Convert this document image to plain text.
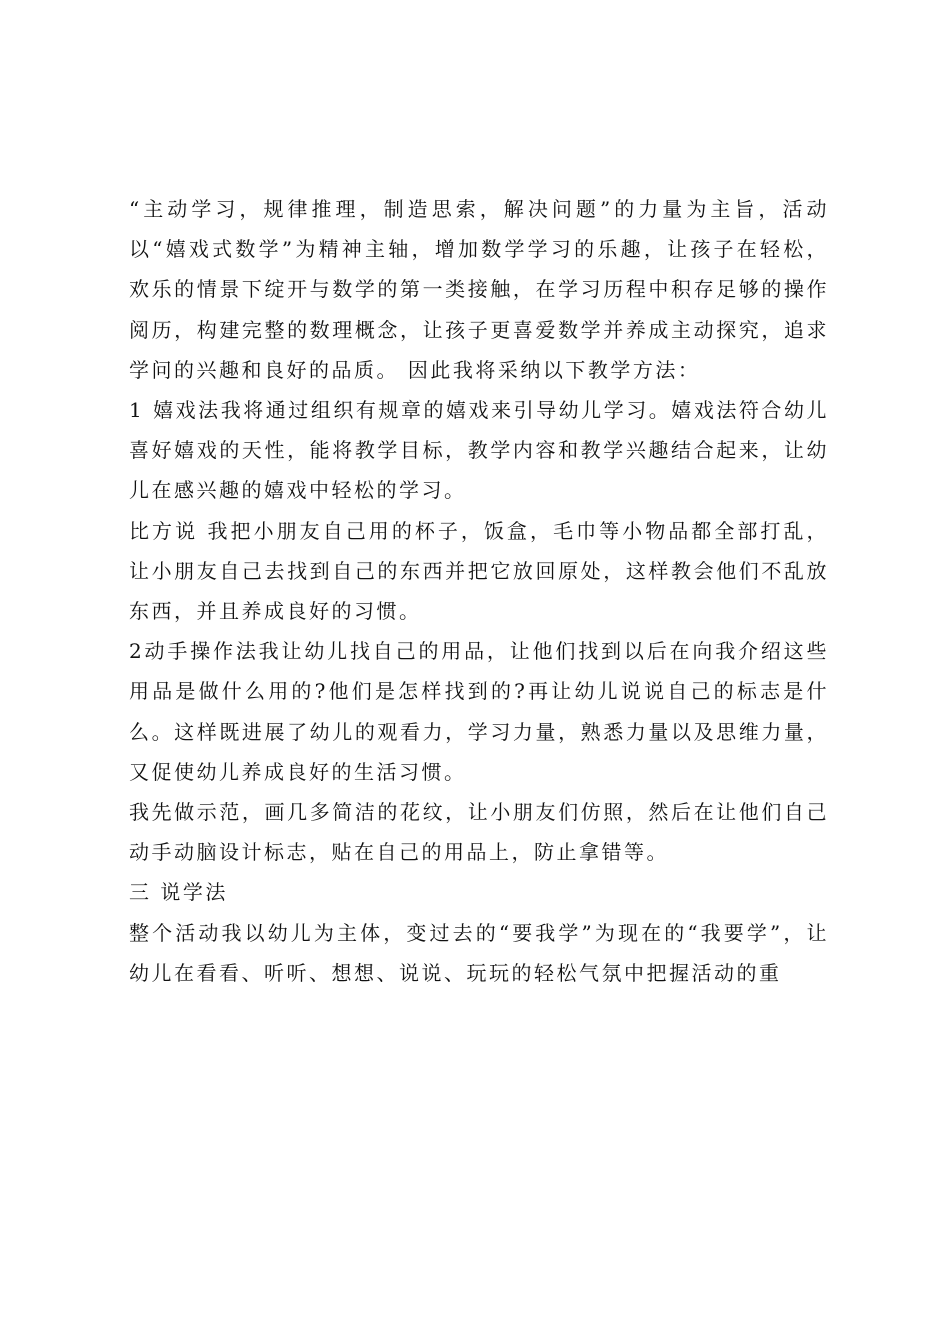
“主动学习，规律推理，制造思索，解决问题”的力量为主旨，活动以“嬉戏式数学”为精神主轴，增加数学学习的乐趣，让孩子在轻松，欢乐的情景下绽开与数学的第一类接触，在学习历程中积存足够的操作阅历，构建完整的数理概念，让孩子更喜爱数学并养成主动探究，追求学问的兴趣和良好的品质。 因此我将采纳以下教学方法：

1 嬉戏法我将通过组织有规章的嬉戏来引导幼儿学习。嬉戏法符合幼儿喜好嬉戏的天性，能将教学目标，教学内容和教学兴趣结合起来，让幼儿在感兴趣的嬉戏中轻松的学习。

比方说 我把小朋友自己用的杯子，饭盒，毛巾等小物品都全部打乱，让小朋友自己去找到自己的东西并把它放回原处，这样教会他们不乱放东西，并且养成良好的习惯。

2动手操作法我让幼儿找自己的用品，让他们找到以后在向我介绍这些用品是做什么用的?他们是怎样找到的?再让幼儿说说自己的标志是什么。这样既进展了幼儿的观看力，学习力量，熟悉力量以及思维力量，又促使幼儿养成良好的生活习惯。

我先做示范，画几多简洁的花纹，让小朋友们仿照，然后在让他们自己动手动脑设计标志，贴在自己的用品上，防止拿错等。

三 说学法

整个活动我以幼儿为主体，变过去的“要我学”为现在的“我要学”，让幼儿在看看、听听、想想、说说、玩玩的轻松气氛中把握活动的重
